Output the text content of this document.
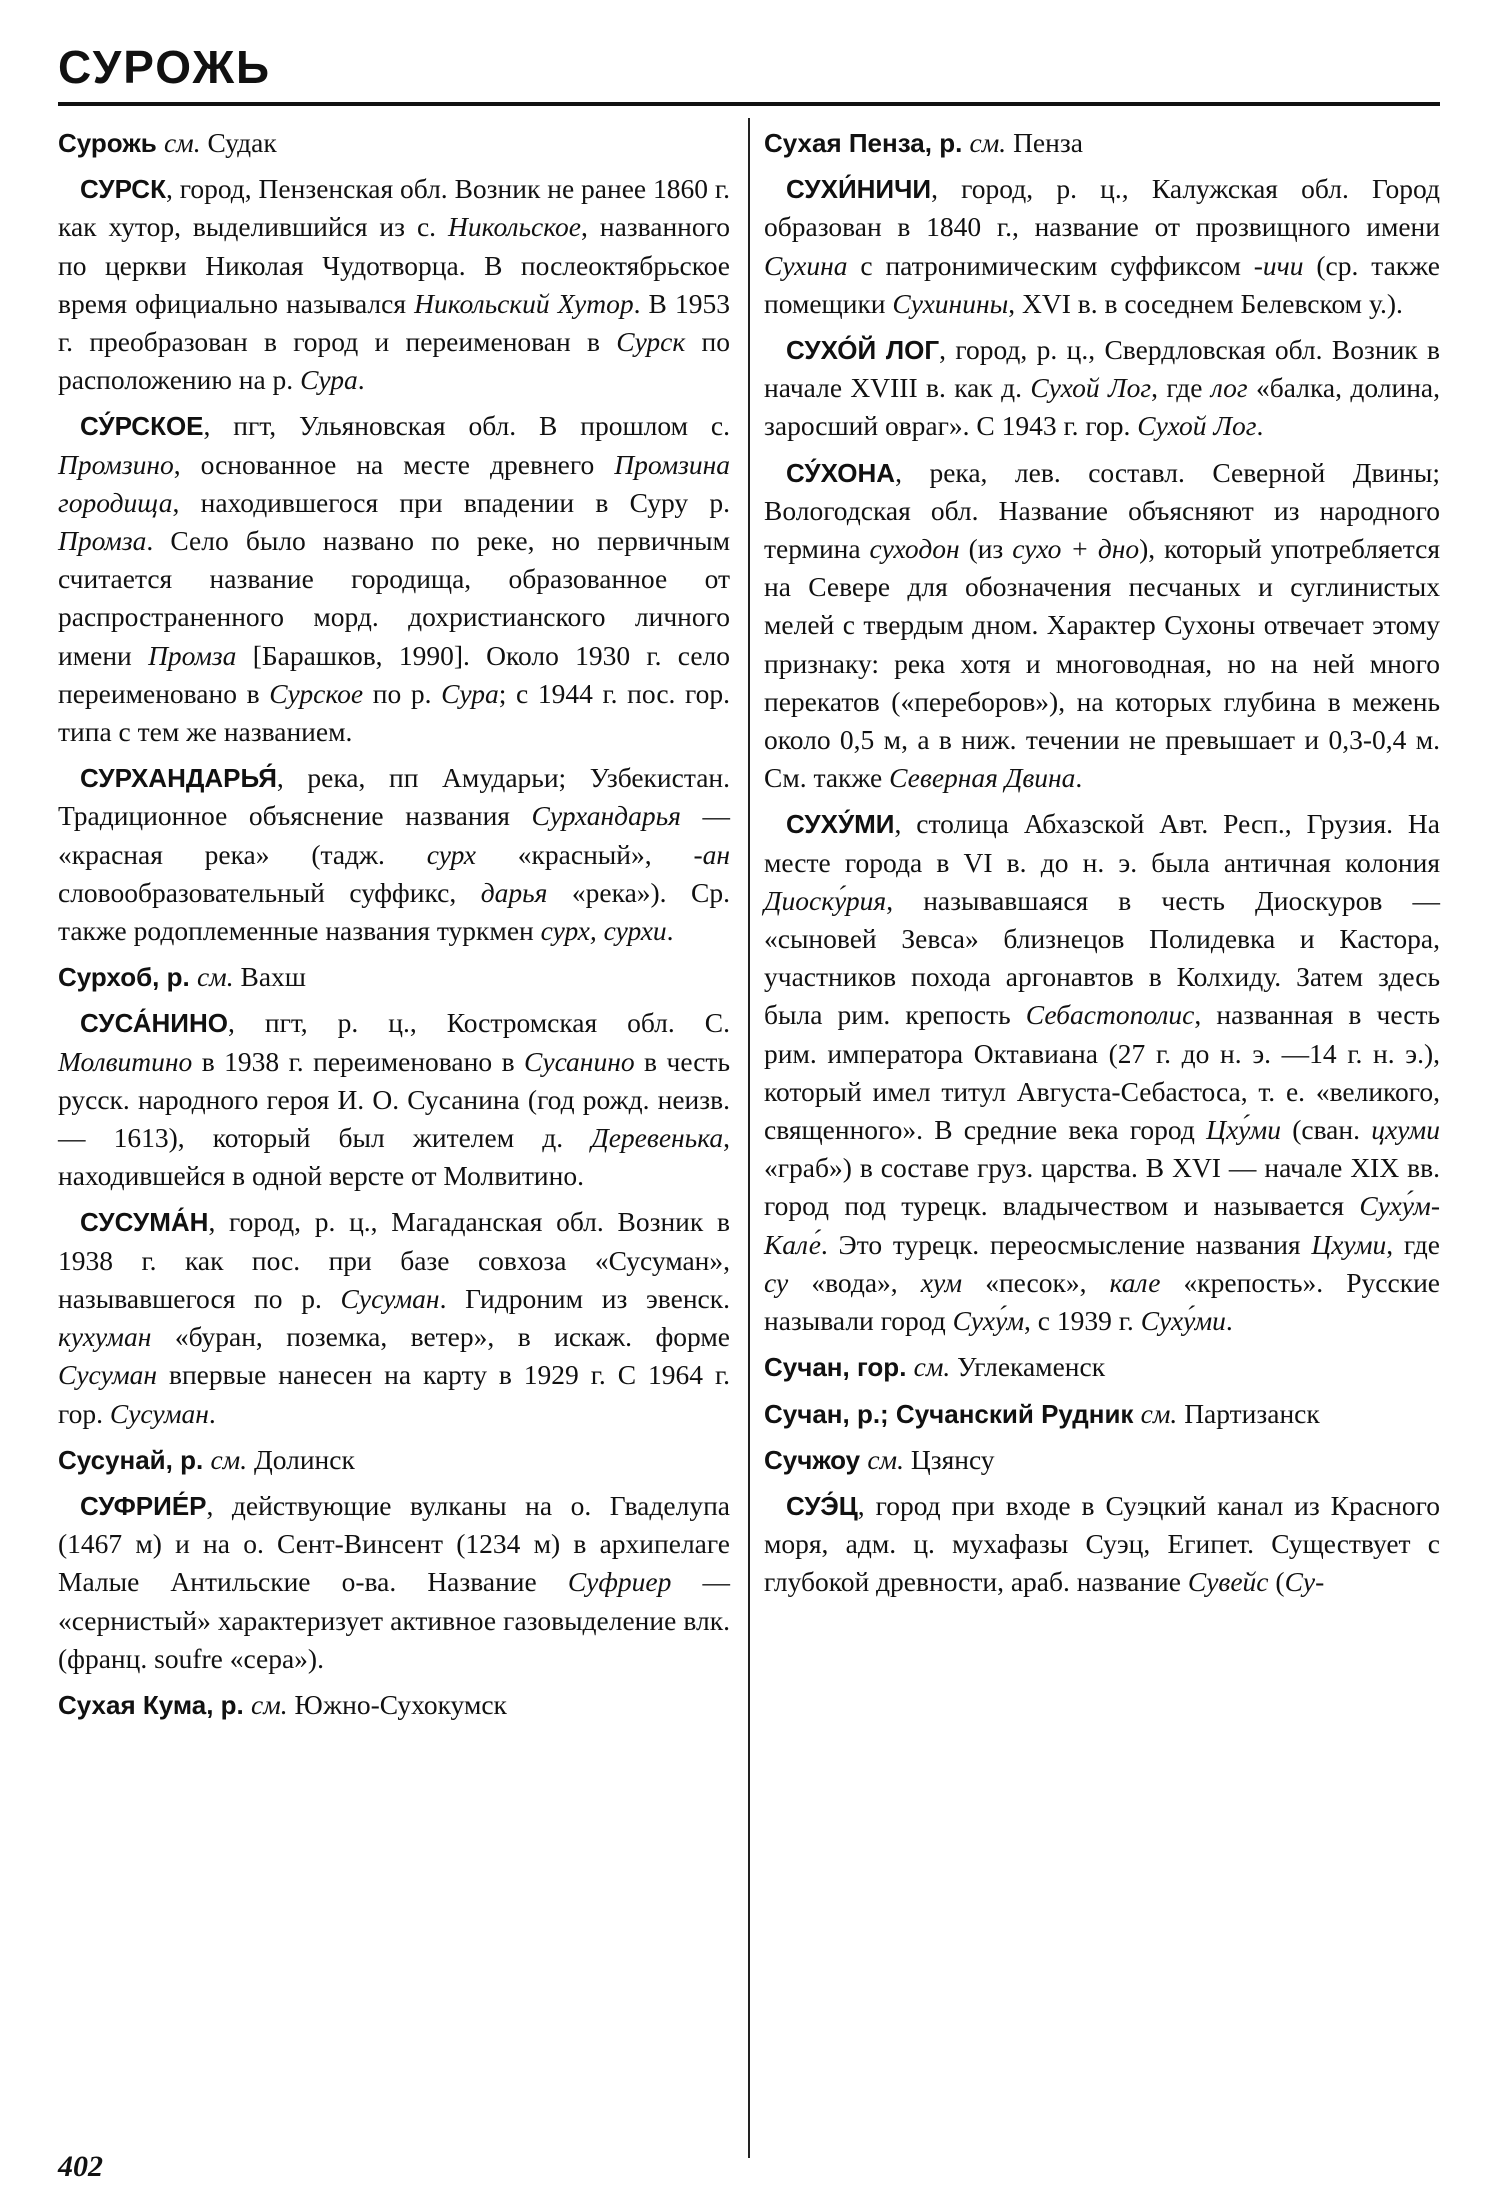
СУРОЖЬ

Сурожь см. Судак

СУРСК, город, Пензенская обл. Возник не ранее 1860 г. как хутор, выделившийся из с. Никольское, названного по церкви Николая Чудотворца. В послеоктябрьское время официально назывался Никольский Хутор. В 1953 г. преобразован в город и переименован в Сурск по расположению на р. Сура.

СУ́РСКОЕ, пгт, Ульяновская обл. В прошлом с. Промзино, основанное на месте древнего Промзина городища, находившегося при впадении в Суру р. Промза. Село было названо по реке, но первичным считается название городища, образованное от распространенного морд. дохристианского личного имени Промза [Барашков, 1990]. Около 1930 г. село переименовано в Сурское по р. Сура; с 1944 г. пос. гор. типа с тем же названием.

СУРХАНДАРЬЯ́, река, пп Амударьи; Узбекистан. Традиционное объяснение названия Сурхандарья — «красная река» (тадж. сурх «красный», -ан словообразовательный суффикс, дарья «река»). Ср. также родоплеменные названия туркмен сурх, сурхи.

Сурхоб, р. см. Вахш

СУСА́НИНО, пгт, р. ц., Костромская обл. С. Молвитино в 1938 г. переименовано в Сусанино в честь русск. народного героя И. О. Сусанина (год рожд. неизв. — 1613), который был жителем д. Деревенька, находившейся в одной версте от Молвитино.

СУСУМА́Н, город, р. ц., Магаданская обл. Возник в 1938 г. как пос. при базе совхоза «Сусуман», называвшегося по р. Сусуман. Гидроним из эвенск. кухуман «буран, поземка, ветер», в искаж. форме Сусуман впервые нанесен на карту в 1929 г. С 1964 г. гор. Сусуман.

Сусунай, р. см. Долинск

СУФРИЕ́Р, действующие вулканы на о. Гваделупа (1467 м) и на о. Сент-Винсент (1234 м) в архипелаге Малые Антильские о-ва. Название Суфриер — «сернистый» характеризует активное газовыделение влк. (франц. soufre «сера»).

Сухая Кума, р. см. Южно-Сухокумск

Сухая Пенза, р. см. Пенза

СУХИ́НИЧИ, город, р. ц., Калужская обл. Город образован в 1840 г., название от прозвищного имени Сухина с патронимическим суффиксом -ичи (ср. также помещики Сухинины, XVI в. в соседнем Белевском у.).

СУХО́Й ЛОГ, город, р. ц., Свердловская обл. Возник в начале XVIII в. как д. Сухой Лог, где лог «балка, долина, заросший овраг». С 1943 г. гор. Сухой Лог.

СУ́ХОНА, река, лев. составл. Северной Двины; Вологодская обл. Название объясняют из народного термина суходон (из сухо + дно), который употребляется на Севере для обозначения песчаных и суглинистых мелей с твердым дном. Характер Сухоны отвечает этому признаку: река хотя и многоводная, но на ней много перекатов («переборов»), на которых глубина в межень около 0,5 м, а в ниж. течении не превышает и 0,3-0,4 м. См. также Северная Двина.

СУХУ́МИ, столица Абхазской Авт. Респ., Грузия. На месте города в VI в. до н. э. была античная колония Диоску́рия, называвшаяся в честь Диоскуров — «сыновей Зевса» близнецов Полидевка и Кастора, участников похода аргонавтов в Колхиду. Затем здесь была рим. крепость Себастополис, названная в честь рим. императора Октавиана (27 г. до н. э. —14 г. н. э.), который имел титул Августа-Себастоса, т. е. «великого, священного». В средние века город Цху́ми (сван. цхуми «граб») в составе груз. царства. В XVI — начале XIX вв. город под турецк. владычеством и называется Суху́м-Кале́. Это турецк. переосмысление названия Цхуми, где су «вода», хум «песок», кале «крепость». Русские называли город Суху́м, с 1939 г. Суху́ми.

Сучан, гор. см. Углекаменск

Сучан, р.; Сучанский Рудник см. Партизанск

Сучжоу см. Цзянсу

СУЭ́Ц, город при входе в Суэцкий канал из Красного моря, адм. ц. мухафазы Суэц, Египет. Существует с глубокой древности, араб. название Сувейс (Су-

402
